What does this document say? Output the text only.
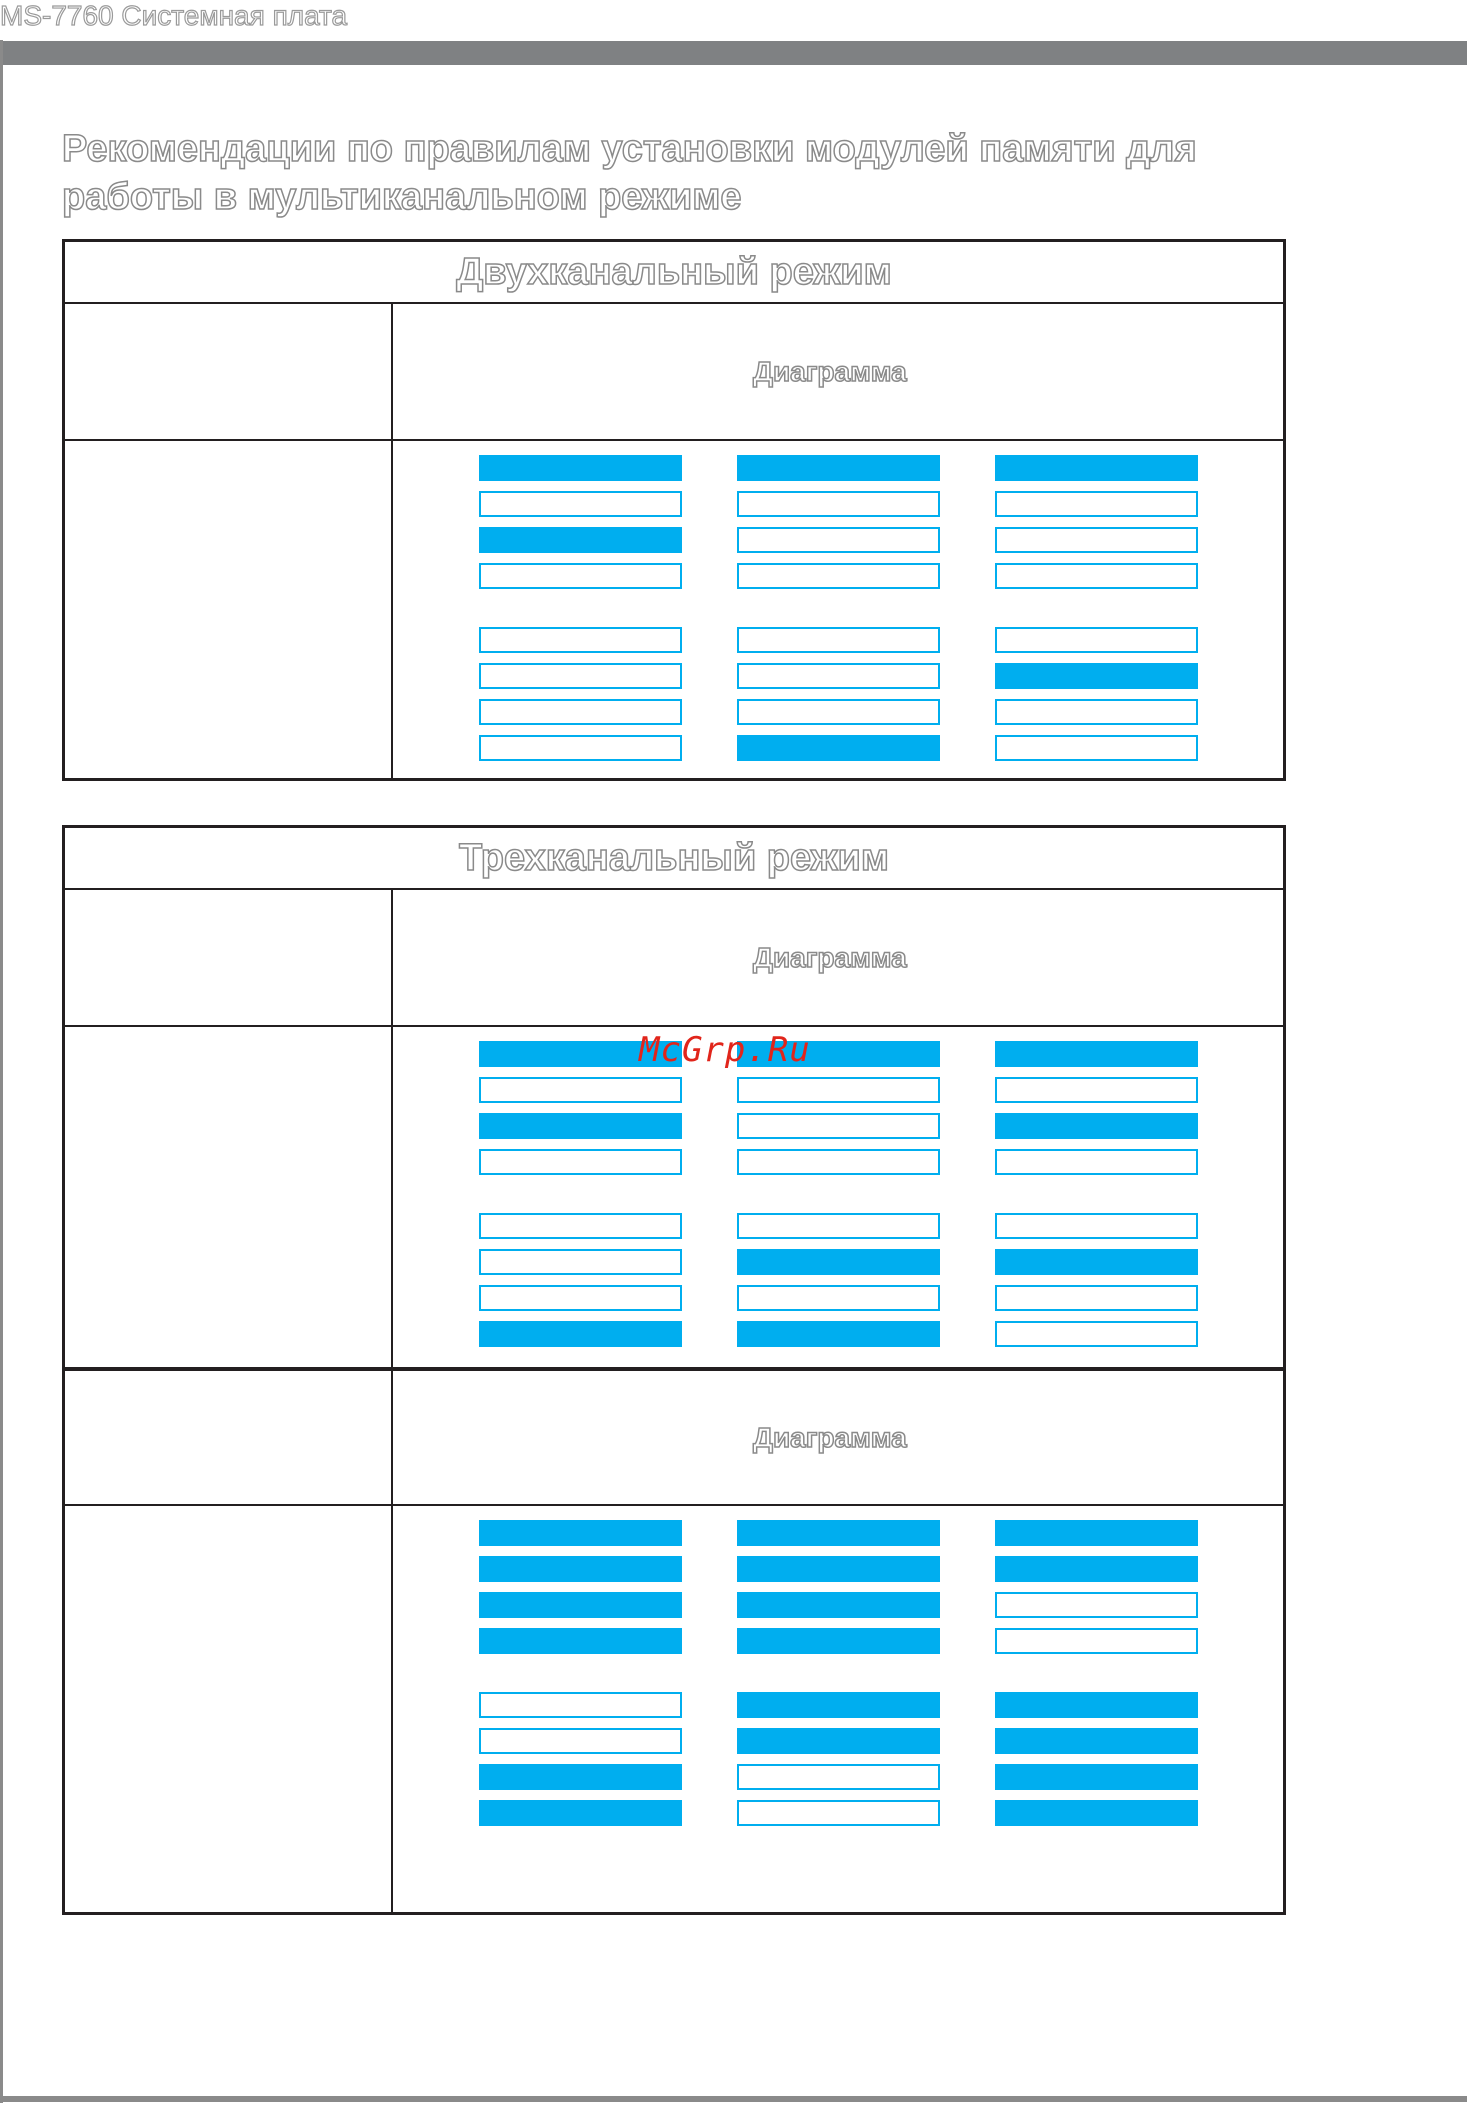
MS-7760 Системная плата
Рекомендации по правилам установки модулей памяти для работы в мультиканальном режиме
Двухканальный режим
Диаграмма
Трехканальный режим
Диаграмма
Диаграмма
McGrp.Ru
